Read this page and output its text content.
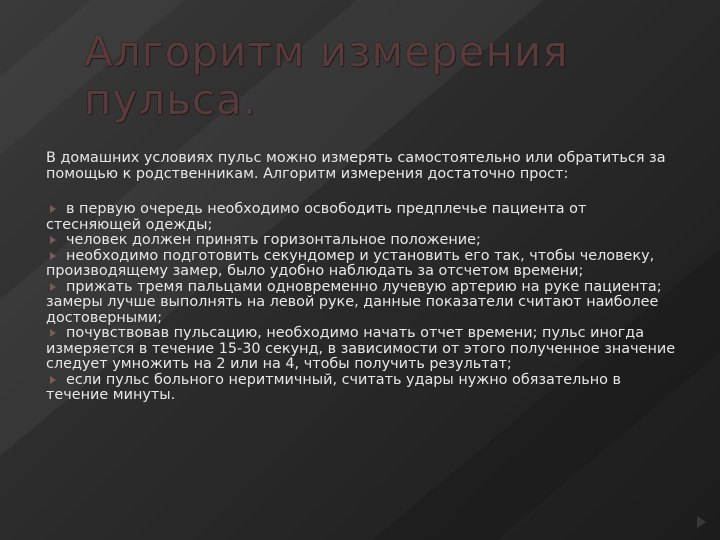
Алгоритм измерения пульса.

В домашних условиях пульс можно измерять самостоятельно или обратиться за помощью к родственникам. Алгоритм измерения достаточно прост:

в первую очередь необходимо освободить предплечье пациента от стесняющей одежды;

человек должен принять горизонтальное положение;

необходимо подготовить секундомер и установить его так, чтобы человеку, производящему замер, было удобно наблюдать за отсчетом времени;

прижать тремя пальцами одновременно лучевую артерию на руке пациента; замеры лучше выполнять на левой руке, данные показатели считают наиболее достоверными;

почувствовав пульсацию, необходимо начать отчет времени; пульс иногда измеряется в течение 15-30 секунд, в зависимости от этого полученное значение следует умножить на 2 или на 4, чтобы получить результат;

если пульс больного неритмичный, считать удары нужно обязательно в течение минуты.
